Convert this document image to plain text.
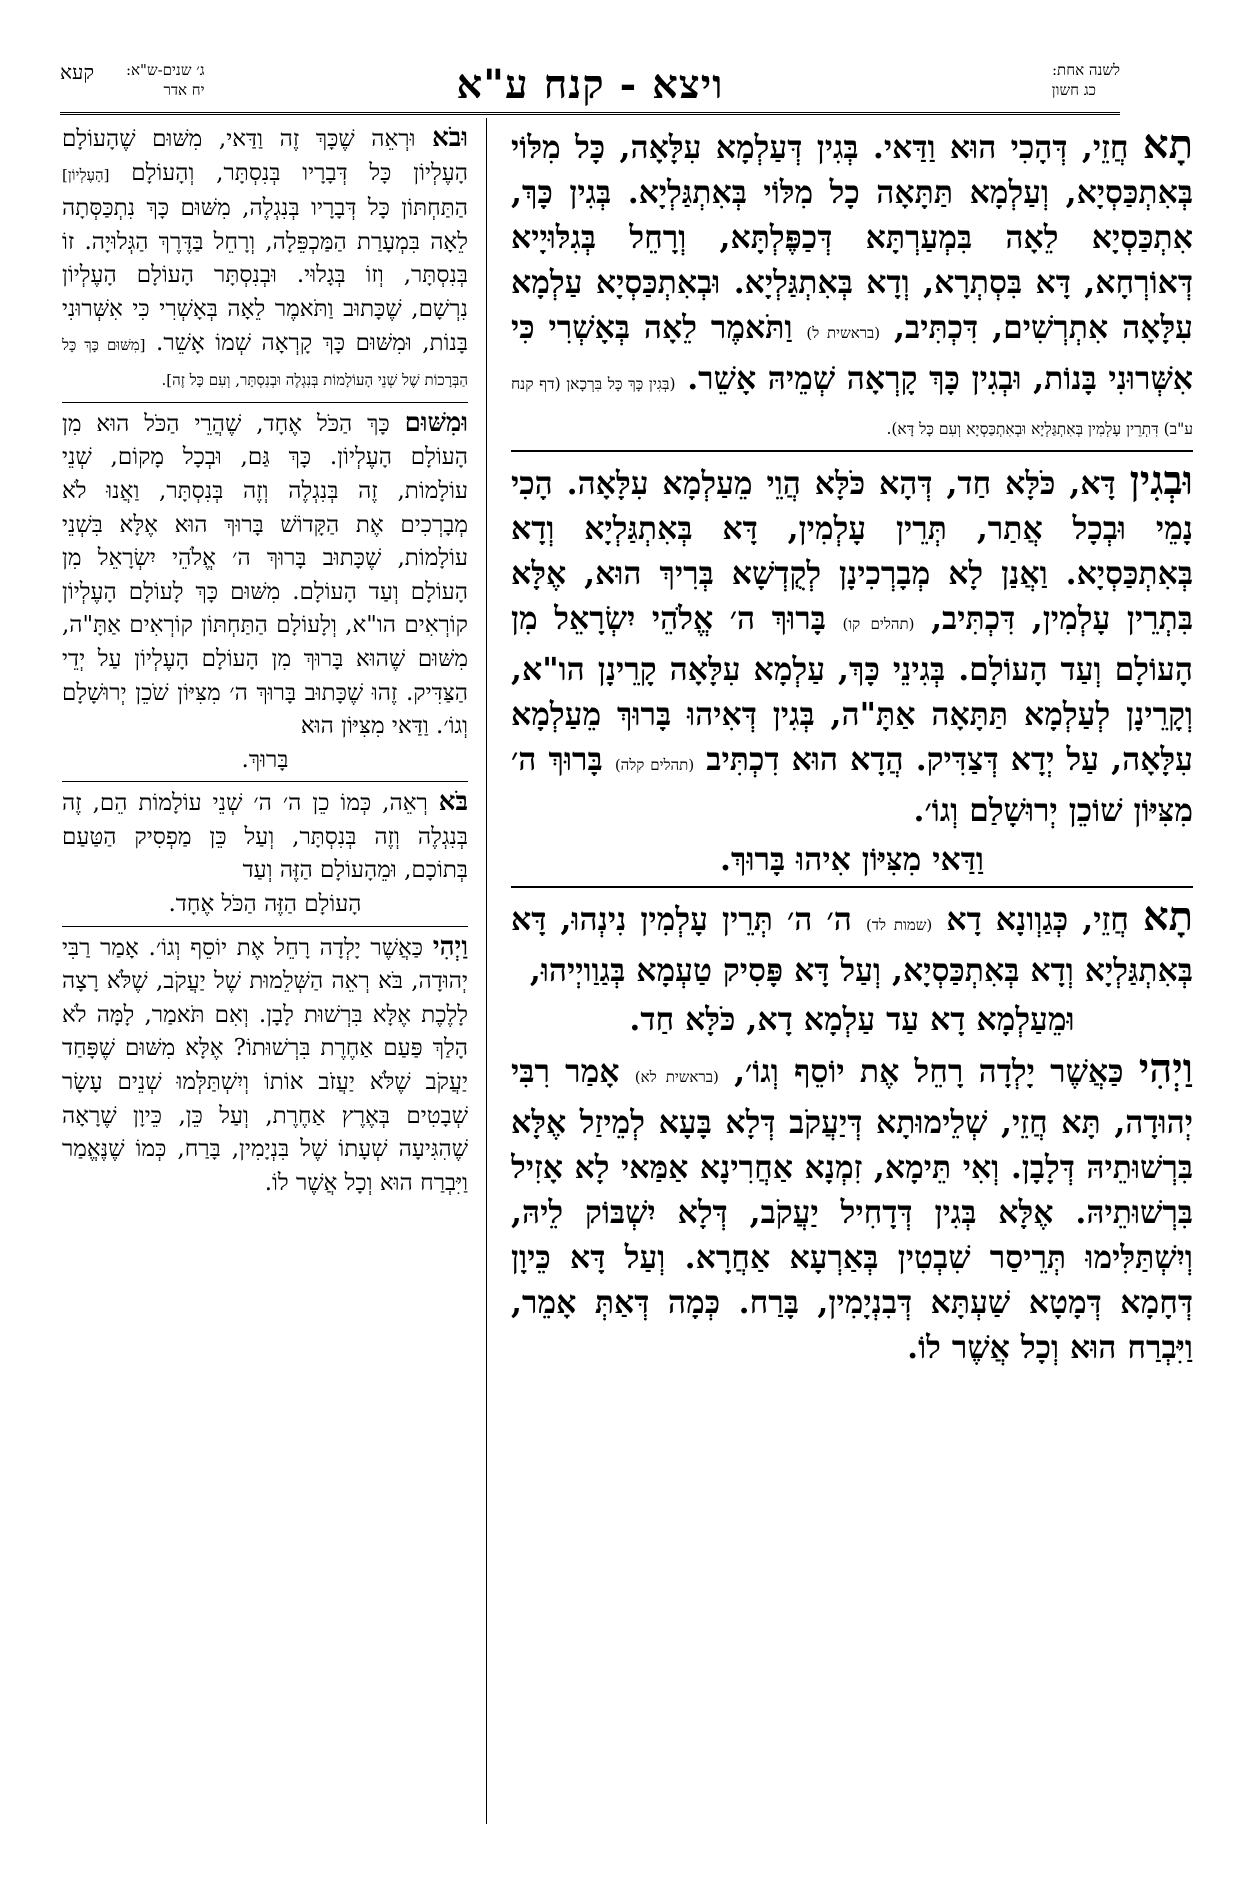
לשנה אחת:
כג חשון
ויצא - קנח ע"א
ג׳ שנים-ש"א:
יח אדר
קעא

תָא חֲזֵי, דְּהָכִי הוּא וַדַּאי. בְּגִין דְּעַלְמָא עִלָּאָה, כָּל מִלּוֹי בְּאִתְכַּסְיָא, וְעַלְמָא תַּתָּאָה כָל מִלּוֹי בְּאִתְגַּלְיָא. בְּגִין כָּךְ, אִתְכַּסְיָא לֵאָה בִּמְעַרְתָּא דְּכַפֶּלְתָּא, וְרָחֵל בְּגִלּוּיָיא דְּאוֹרְחָא, דָּא בִּסְתְרָא, וְדָא בְּאִתְגַּלְיָא. וּבְאִתְכַּסְיָא עַלְמָא עִלָּאָה אִתְרְשִׁים, דִּכְתִּיב, (בראשית ל) וַתֹּאמֶר לֵאָה בְּאָשְׁרִי כִּי אִשְּׁרוּנִי בָּנוֹת, וּבְגִין כָּךְ קָרְאָה שְׁמֵיהּ אָשֵׁר. (בְּגִין כָּךְ כָּל בִּרְכָאן (דף קנח ע"ב) דִּתְרֵין עָלְמִין בְּאִתְגַּלְיָא וּבְאִתְכַּסְיָא וְעִם כָּל דָּא).

וּבְגִין דָּא, כֹּלָּא חַד, דְּהָא כֹּלָּא הֲוֵי מֵעַלְמָא עִלָּאָה. הָכִי נָמֵי וּבְכָל אֲתַר, תְּרֵין עָלְמִין, דָּא בְּאִתְגַּלְיָא וְדָא בְּאִתְכַּסְיָא. וַאֲנַן לָא מְבָרְכִינָן לְקֻדְשָׁא בְּרִיךְ הוּא, אֶלָּא בִּתְרֵין עָלְמִין, דִּכְתִּיב, (תהלים קו) בָּרוּךְ ה׳ אֱלֹהֵי יִשְׂרָאֵל מִן הָעוֹלָם וְעַד הָעוֹלָם. בְּגִינֵי כָּךְ, עַלְמָא עִלָּאָה קָרֵינָן הו"א, וְקָרֵינָן לְעַלְמָא תַּתָּאָה אַתָּ"ה, בְּגִין דְּאִיהוּ בָּרוּךְ מֵעַלְמָא עִלָּאָה, עַל יְדָא דְּצַדִּיק. הֲדָא הוּא דִכְתִּיב (תהלים קלה) בָּרוּךְ ה׳ מִצִּיּוֹן שׁוֹכֵן יְרוּשָׁלַם וְגוֹ׳.

וַדַּאי מִצִּיּוֹן אִיהוּ בָּרוּךְ.

תָא חֲזֵי, כְּגַוְונָא דָא (שמות לד) ה׳ ה׳ תְּרֵין עָלְמִין נִינְהוּ, דָּא בְּאִתְגַּלְיָא וְדָא בְּאִתְכַּסְיָא, וְעַל דָּא פָּסִיק טַעְמָא בְּגַוַויְיהוּ,

וּמֵעַלְמָא דָא עַד עַלְמָא דָא, כֹּלָּא חַד.

וַיְהִי כַּאֲשֶׁר יָלְדָה רָחֵל אֶת יוֹסֵף וְגוֹ׳, (בראשית לא) אָמַר רִבִּי יְהוּדָה, תָּא חֲזֵי, שְׁלֵימוּתָא דְּיַעֲקֹב דְּלָא בָּעָא לְמֵיזַל אֶלָּא בִּרְשׁוּתֵיהּ דְּלָבָן. וְאִי תֵּימָא, זִמְנָא אַחֲרִינָא אַמַּאי לָא אָזִיל בִּרְשׁוּתֵיהּ. אֶלָּא בְּגִין דְּדָחִיל יַעֲקֹב, דְּלָא יִשְׁבּוֹק לֵיהּ, וְיִשְׁתַּלִּימוּ תְּרֵיסַר שִׁבְטִין בְּאַרְעָא אַחֲרָא. וְעַל דָּא כֵּיוָן דְּחָמָא דְּמָטָא שַׁעְתָּא דְּבִנְיָמִין, בָּרַח. כְּמָה דְּאַתְּ אָמֵר, וַיִּבְרַח הוּא וְכָל אֲשֶׁר לוֹ.

וּבֹא וּרְאֵה שֶׁכָּךְ זֶה וַדַּאי, מִשּׁוּם שֶׁהָעוֹלָם הָעֶלְיוֹן כָּל דְּבָרָיו בְּנִסְתָּר, וְהָעוֹלָם [הָעֶלְיוֹן] הַתַּחְתּוֹן כָּל דְּבָרָיו בְּנִגְלֶה, מִשּׁוּם כָּךְ נִתְכַּסְּתָה לֵאָה בִּמְעָרַת הַמַּכְפֵּלָה, וְרָחֵל בַּדֶּרֶךְ הַגְּלוּיָה. זוֹ בְּנִסְתָּר, וְזוֹ בְּגָלוּי. וּבְנִסְתָּר הָעוֹלָם הָעֶלְיוֹן נִרְשָׁם, שֶׁכָּתוּב וַתֹּאמֶר לֵאָה בְּאָשְׁרִי כִּי אִשְּׁרוּנִי בָּנוֹת, וּמִשּׁוּם כָּךְ קָרְאָה שְׁמוֹ אָשֵׁר. [מִשּׁוּם כָּךְ כָּל הַבְּרָכוֹת שֶׁל שְׁנֵי הָעוֹלָמוֹת בְּנִגְלֶה וּבְנִסְתָּר, וְעִם כָּל זֶה].

וּמִשּׁוּם כָּךְ הַכֹּל אֶחָד, שֶׁהֲרֵי הַכֹּל הוּא מִן הָעוֹלָם הָעֶלְיוֹן. כָּךְ גַּם, וּבְכָל מָקוֹם, שְׁנֵי עוֹלָמוֹת, זֶה בְּנִגְלֶה וְזֶה בְּנִסְתָּר, וַאֲנוּ לֹא מְבָרְכִים אֶת הַקָּדוֹשׁ בָּרוּךְ הוּא אֶלָּא בִּשְׁנֵי עוֹלָמוֹת, שֶׁכָּתוּב בָּרוּךְ ה׳ אֱלֹהֵי יִשְׂרָאֵל מִן הָעוֹלָם וְעַד הָעוֹלָם. מִשּׁוּם כָּךְ לָעוֹלָם הָעֶלְיוֹן קוֹרְאִים הו"א, וְלָעוֹלָם הַתַּחְתּוֹן קוֹרְאִים אַתָּ"ה, מִשּׁוּם שֶׁהוּא בָּרוּךְ מִן הָעוֹלָם הָעֶלְיוֹן עַל יְדֵי הַצַּדִּיק. זֶהוּ שֶׁכָּתוּב בָּרוּךְ ה׳ מִצִּיּוֹן שֹׁכֵן יְרוּשָׁלָם וְגוֹ׳. וַדַּאי מִצִּיּוֹן הוּא

בָּרוּךְ.

בֹּא רְאֵה, כְּמוֹ כֵן ה׳ ה׳ שְׁנֵי עוֹלָמוֹת הֵם, זֶה בְּנִגְלֶה וְזֶה בְּנִסְתָּר, וְעַל כֵּן מַפְסִיק הַטַּעַם בְּתוֹכָם, וּמֵהָעוֹלָם הַזֶּה וְעַד

הָעוֹלָם הַזֶּה הַכֹּל אֶחָד.

וַיְהִי כַּאֲשֶׁר יָלְדָה רָחֵל אֶת יוֹסֵף וְגוֹ׳. אָמַר רַבִּי יְהוּדָה, בֹּא רְאֵה הַשְּׁלֵמוּת שֶׁל יַעֲקֹב, שֶׁלֹּא רָצָה לָלֶכֶת אֶלָּא בִּרְשׁוּת לָבָן. וְאִם תֹּאמַר, לָמָּה לֹא הָלַךְ פַּעַם אַחֶרֶת בִּרְשׁוּתוֹ? אֶלָּא מִשּׁוּם שֶׁפָּחַד יַעֲקֹב שֶׁלֹּא יַעֲזֹב אוֹתוֹ וְיִשְׁתַּלְּמוּ שְׁנֵים עָשָׂר שְׁבָטִים בְּאֶרֶץ אַחֶרֶת, וְעַל כֵּן, כֵּיוָן שֶׁרָאָה שֶׁהִגִּיעָה שְׁעָתוֹ שֶׁל בִּנְיָמִין, בָּרַח, כְּמוֹ שֶׁנֶּאֱמַר וַיִּבְרַח הוּא וְכָל אֲשֶׁר לוֹ.
